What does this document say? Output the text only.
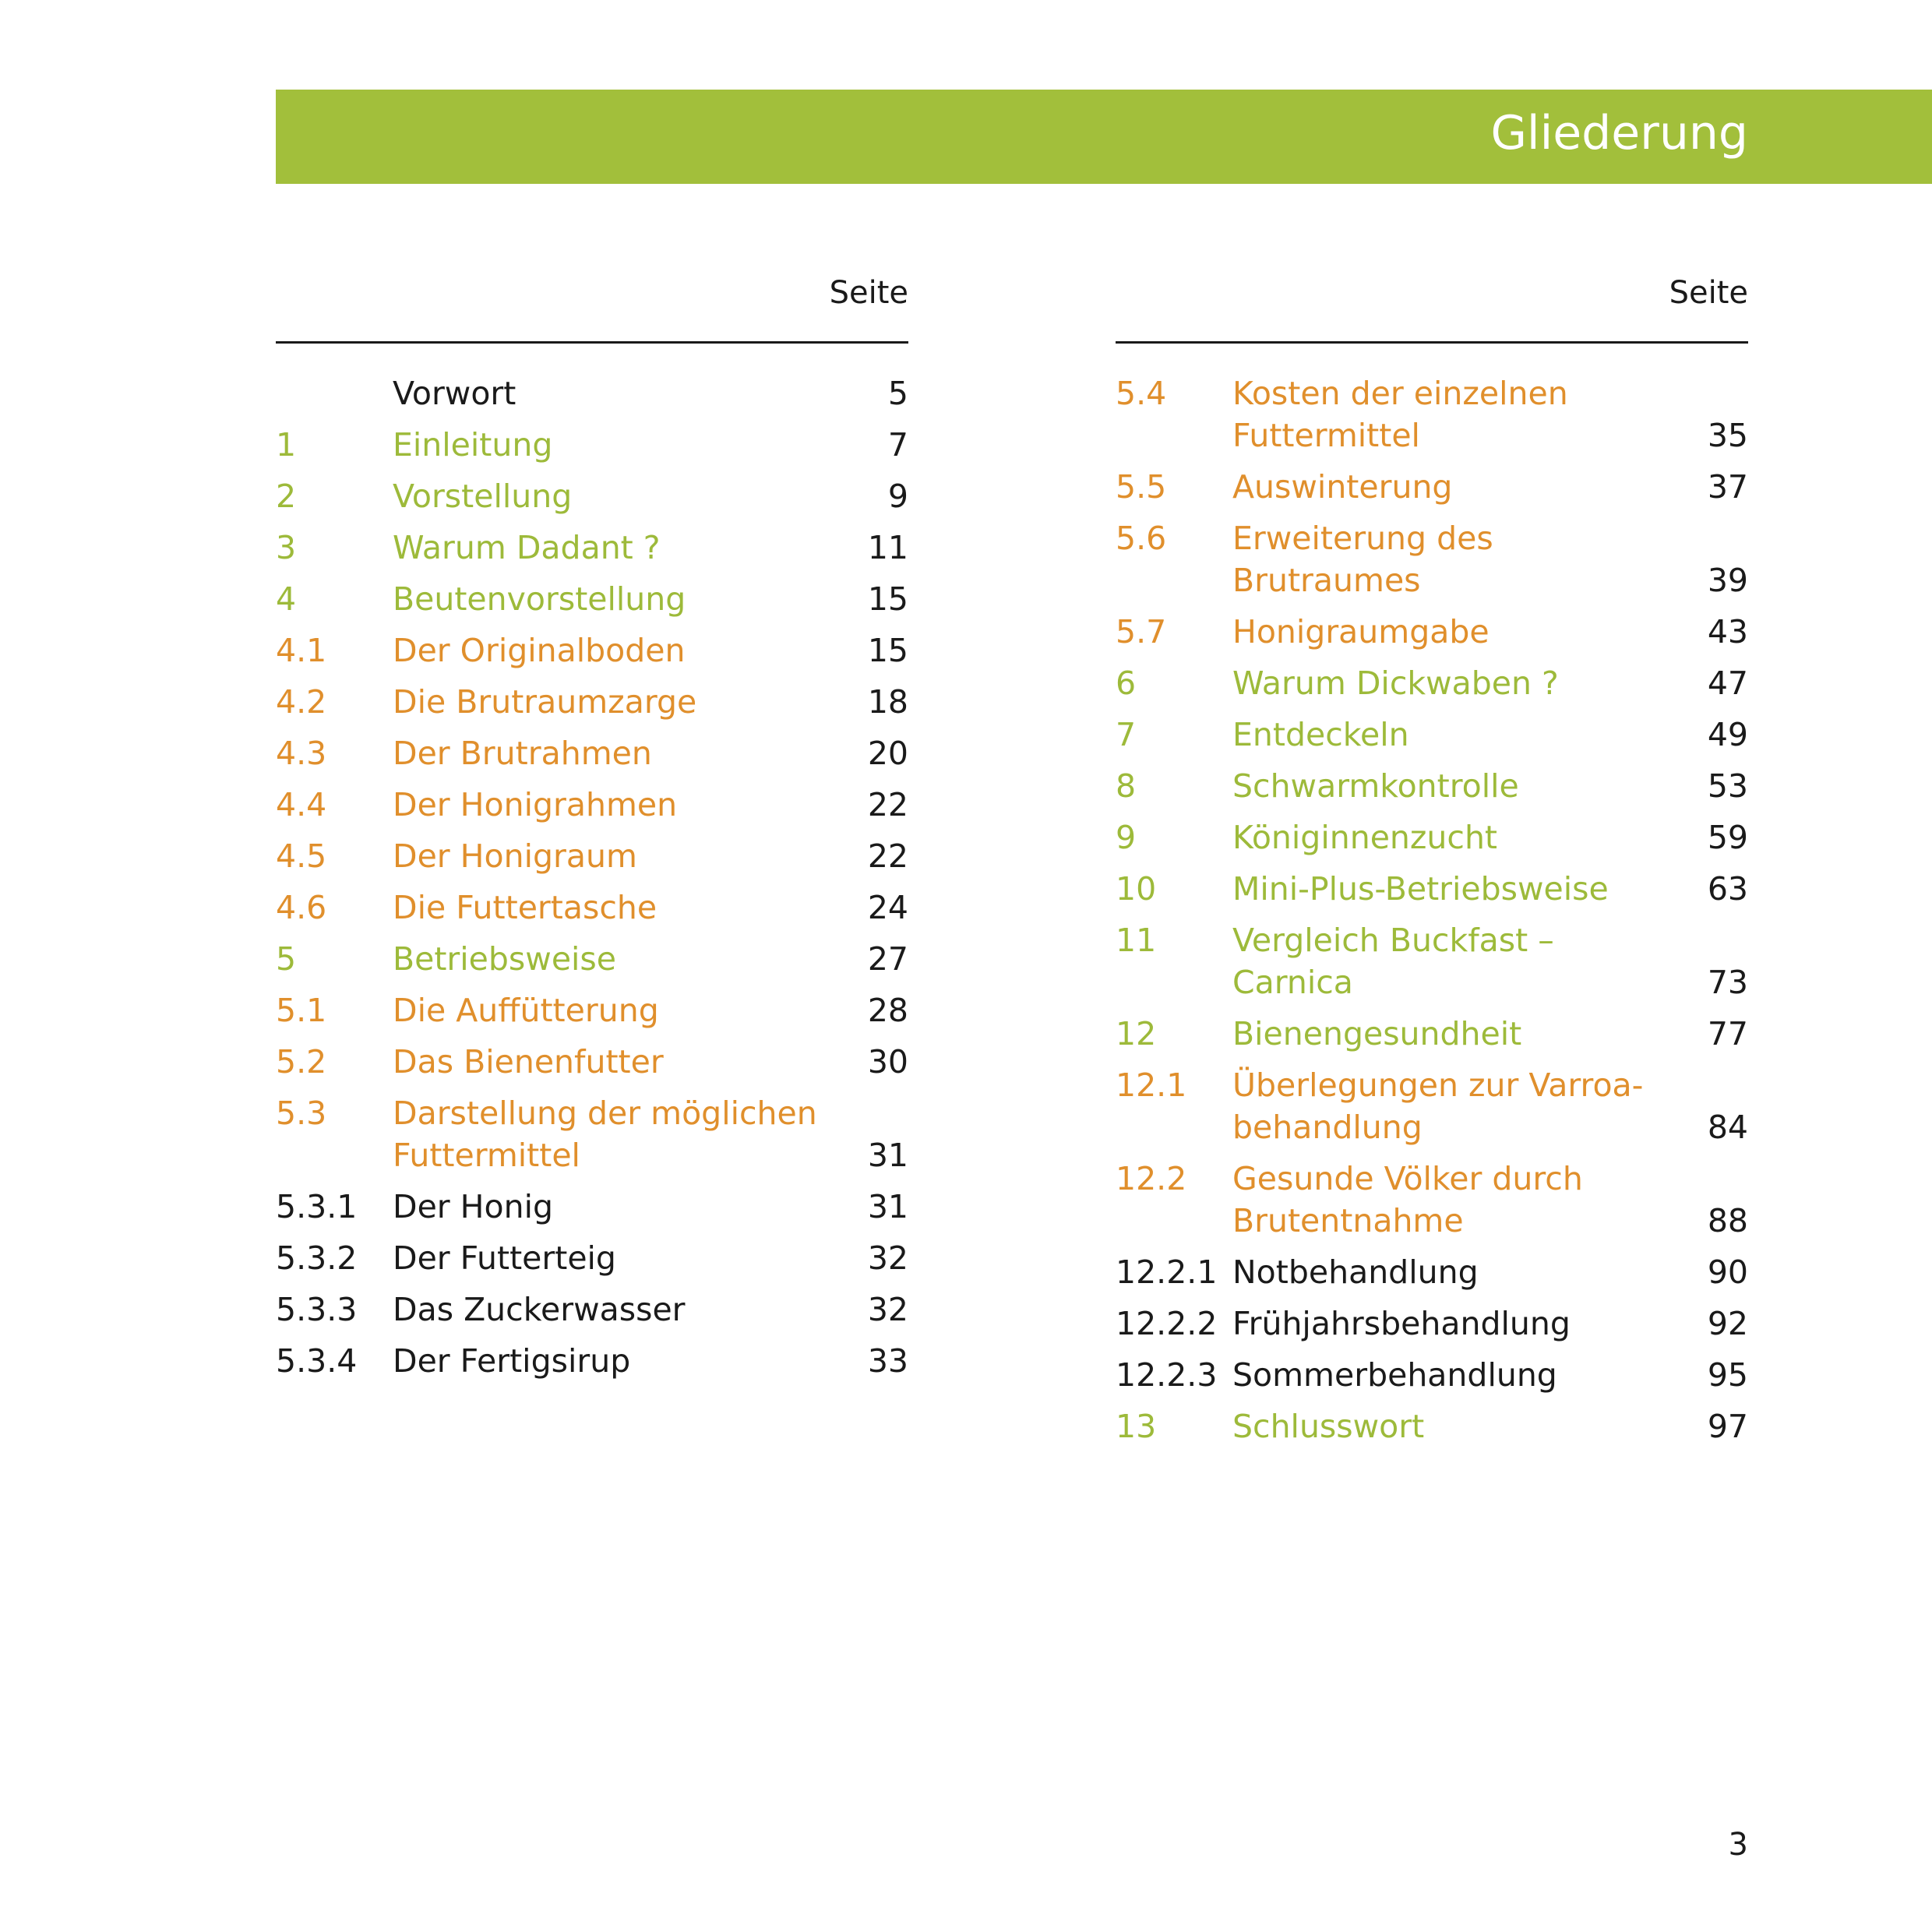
Gliederung
Seite
Vorwort	5
1	Einleitung	7
2	Vorstellung	9
3	Warum Dadant ?	11
4	Beutenvorstellung	15
4.1	Der Originalboden	15
4.2	Die Brutraumzarge	18
4.3	Der Brutrahmen	20
4.4	Der Honigrahmen	22
4.5	Der Honigraum	22
4.6	Die Futtertasche	24
5	Betriebsweise	27
5.1	Die Auffütterung	28
5.2	Das Bienenfutter	30
5.3	Darstellung der möglichen Futtermittel	31
5.3.1	Der Honig	31
5.3.2	Der Futterteig	32
5.3.3	Das Zuckerwasser	32
5.3.4	Der Fertigsirup	33
Seite
5.4	Kosten der einzelnen Futtermittel	35
5.5	Auswinterung	37
5.6	Erweiterung des Brutraumes	39
5.7	Honigraumgabe	43
6	Warum Dickwaben ?	47
7	Entdeckeln	49
8	Schwarmkontrolle	53
9	Königinnenzucht	59
10	Mini-Plus-Betriebsweise	63
11	Vergleich Buckfast – Carnica	73
12	Bienengesundheit	77
12.1	Überlegungen zur Varroa-behandlung	84
12.2	Gesunde Völker durch Brutentnahme	88
12.2.1 Notbehandlung	90
12.2.2 Frühjahrsbehandlung	92
12.2.3 Sommerbehandlung	95
13	Schlusswort	97
3
